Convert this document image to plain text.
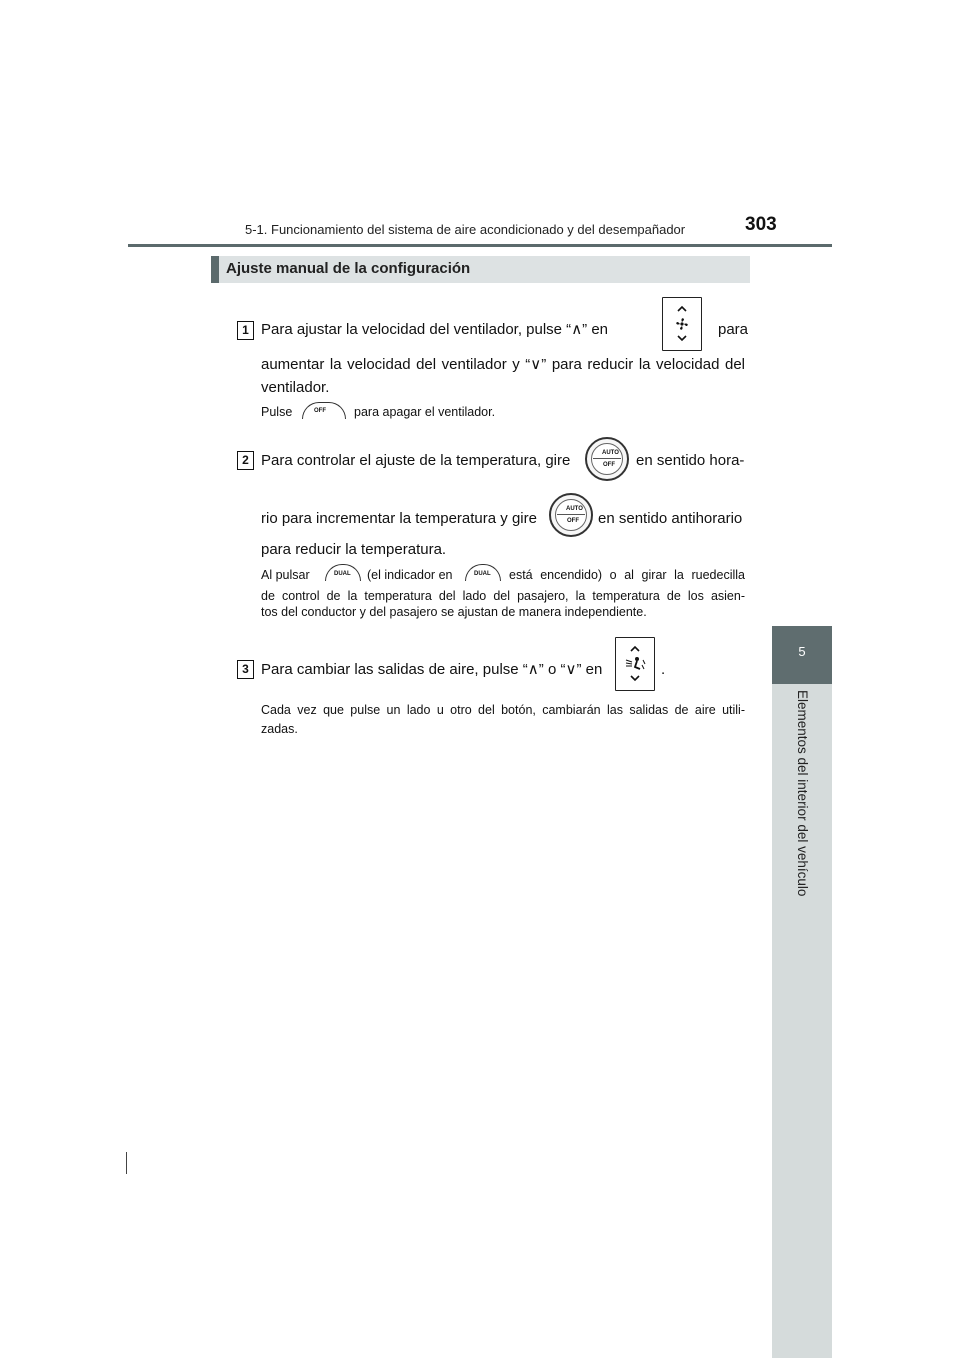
5-1. Funcionamiento del sistema de aire acondicionado y del desempañador	303
5
Elementos del interior del vehículo
Ajuste manual de la configuración
1 Para ajustar la velocidad del ventilador, pulse “∧” en	para
aumentar la velocidad del ventilador y “∨” para reducir la velocidad del
ventilador.
Pulse	OFF para apagar el ventilador.
2 Para controlar el ajuste de la temperatura, gire	AUTO
OFF en sentido hora-
rio para incrementar la temperatura y gire
AUTO
OFF en sentido antihorario
para reducir la temperatura.
Al pulsar	DUAL (el indicador en	DUAL está encendido) o al girar la ruedecilla
de control de la temperatura del lado del pasajero, la temperatura de los asien-
tos del conductor y del pasajero se ajustan de manera independiente.
3 Para cambiar las salidas de aire, pulse “∧” o “∨” en	.
Cada vez que pulse un lado u otro del botón, cambiarán las salidas de aire utili-
zadas.
